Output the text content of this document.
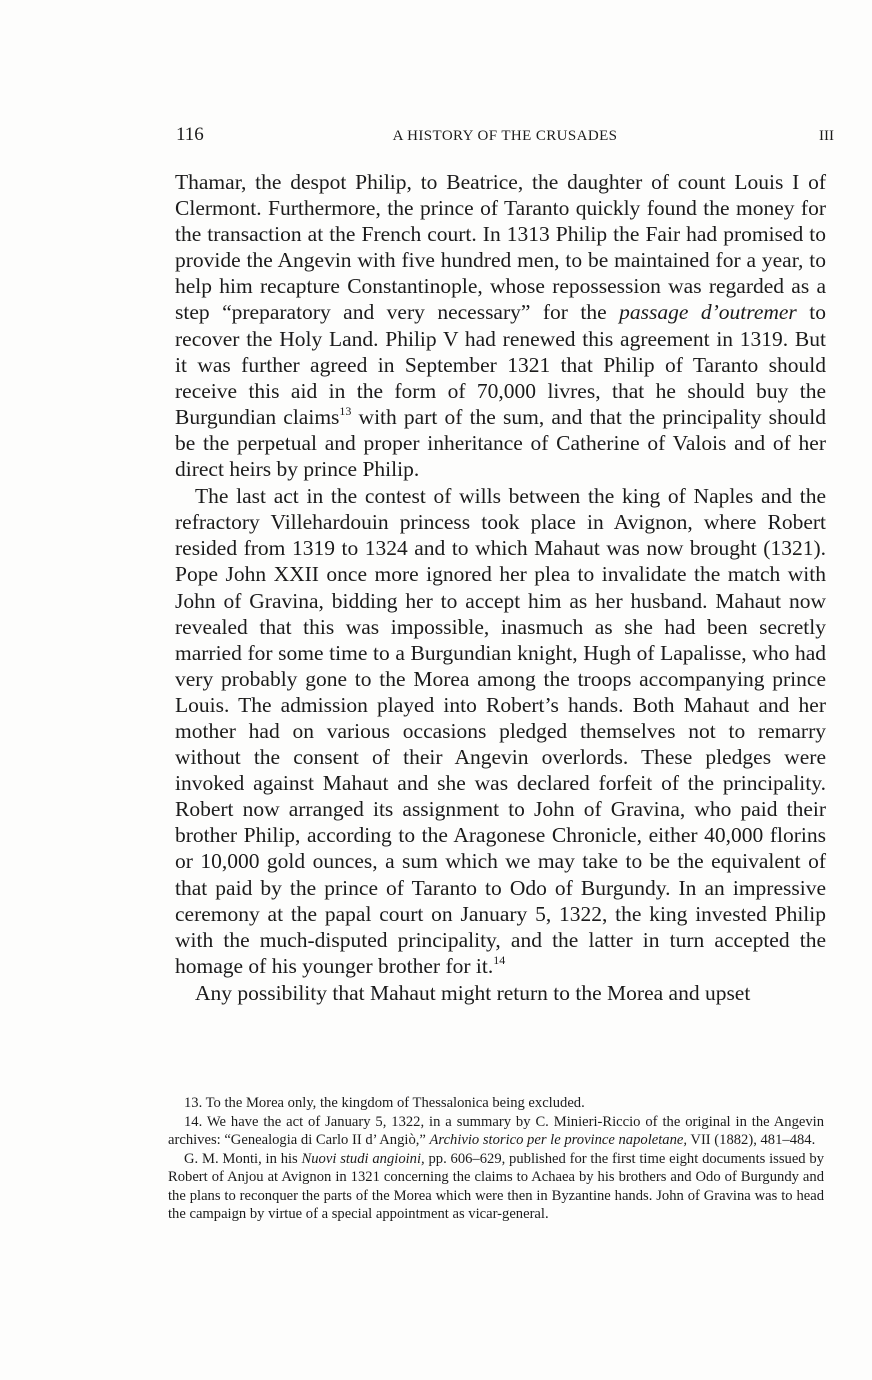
116	A HISTORY OF THE CRUSADES	III

Thamar, the despot Philip, to Beatrice, the daughter of count Louis I of Clermont. Furthermore, the prince of Taranto quickly found the money for the transaction at the French court. In 1313 Philip the Fair had promised to provide the Angevin with five hundred men, to be maintained for a year, to help him recapture Constantinople, whose repossession was regarded as a step “preparatory and very necessary” for the passage d’outremer to recover the Holy Land. Philip V had renewed this agreement in 1319. But it was further agreed in September 1321 that Philip of Taranto should receive this aid in the form of 70,000 livres, that he should buy the Burgundian claims$^{13}$ with part of the sum, and that the principality should be the perpetual and proper inheritance of Catherine of Valois and of her direct heirs by prince Philip.

The last act in the contest of wills between the king of Naples and the refractory Villehardouin princess took place in Avignon, where Robert resided from 1319 to 1324 and to which Mahaut was now brought (1321). Pope John XXII once more ignored her plea to invalidate the match with John of Gravina, bidding her to accept him as her husband. Mahaut now revealed that this was impossible, inasmuch as she had been secretly married for some time to a Burgundian knight, Hugh of Lapalisse, who had very probably gone to the Morea among the troops accompanying prince Louis. The admission played into Robert’s hands. Both Mahaut and her mother had on various occasions pledged themselves not to remarry without the consent of their Angevin overlords. These pledges were invoked against Mahaut and she was declared forfeit of the principality. Robert now arranged its assignment to John of Gravina, who paid their brother Philip, according to the Aragonese Chronicle, either 40,000 florins or 10,000 gold ounces, a sum which we may take to be the equivalent of that paid by the prince of Taranto to Odo of Burgundy. In an impressive ceremony at the papal court on January 5, 1322, the king invested Philip with the much-disputed principality, and the latter in turn accepted the homage of his younger brother for it.$^{14}$

Any possibility that Mahaut might return to the Morea and upset

13. To the Morea only, the kingdom of Thessalonica being excluded.

14. We have the act of January 5, 1322, in a summary by C. Minieri-Riccio of the original in the Angevin archives: “Genealogia di Carlo II d’ Angiò,” Archivio storico per le province napoletane, VII (1882), 481–484.

G. M. Monti, in his Nuovi studi angioini, pp. 606–629, published for the first time eight documents issued by Robert of Anjou at Avignon in 1321 concerning the claims to Achaea by his brothers and Odo of Burgundy and the plans to reconquer the parts of the Morea which were then in Byzantine hands. John of Gravina was to head the campaign by virtue of a special appointment as vicar-general.
